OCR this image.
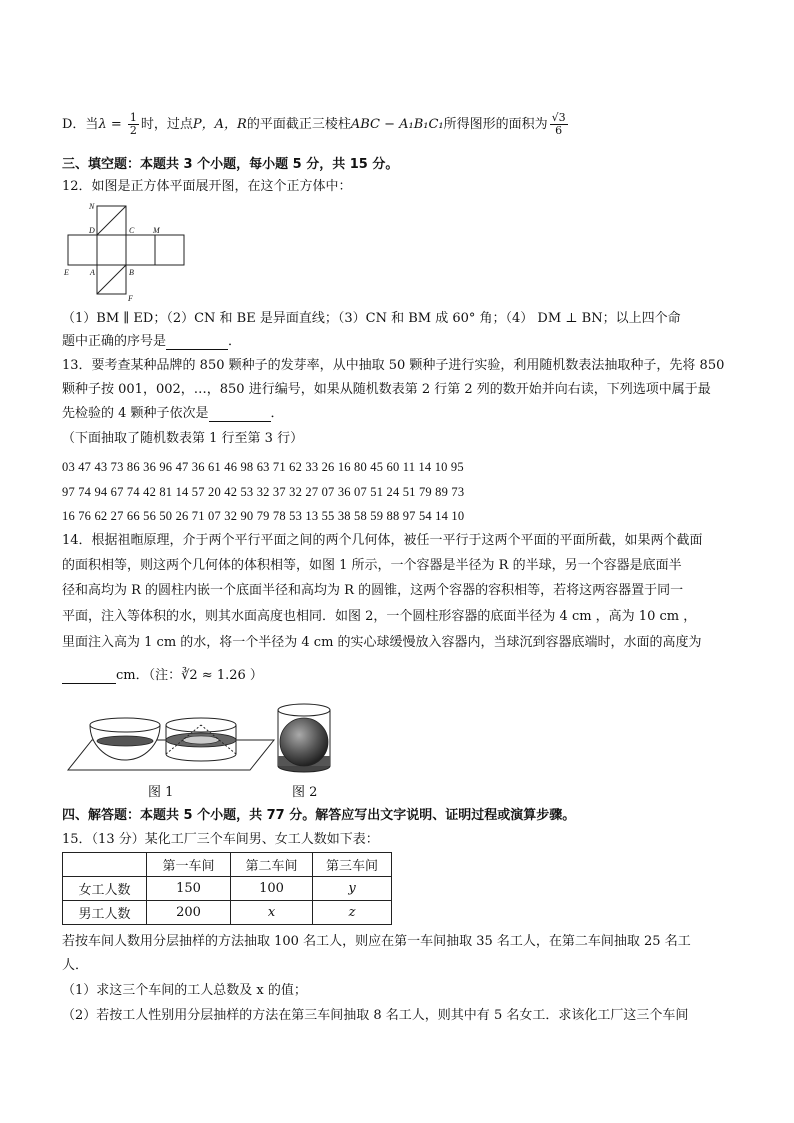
D．当$\lambda = \frac{1}{2}$ 时，过点P，A，R的平面截正三棱柱ABC − A₁B₁C₁所得图形的面积为 $\frac{√3}{6}$
三、填空题：本题共 3 个小题，每小题 5 分，共 15 分。
12．如图是正方体平面展开图，在这个正方体中：
N
D	C M
E	A	B
F
（1）BM ∥ ED；（2）CN 和 BE 是异面直线；（3）CN 和 BM 成 60° 角；（4） DM ⊥ BN；以上四个命
题中正确的序号是	．
13．要考查某种品牌的 850 颗种子的发芽率，从中抽取 50 颗种子进行实验，利用随机数表法抽取种子，先将 850
颗种子按 001，002，…，850 进行编号，如果从随机数表第 2 行第 2 列的数开始并向右读，下列选项中属于最
先检验的 4 颗种子依次是	．
（下面抽取了随机数表第 1 行至第 3 行）
03 47 43 73 86 36 96 47 36 61 46 98 63 71 62 33 26 16 80 45 60 11 14 10 95
97 74 94 67 74 42 81 14 57 20 42 53 32 37 32 27 07 36 07 51 24 51 79 89 73
16 76 62 27 66 56 50 26 71 07 32 90 79 78 53 13 55 38 58 59 88 97 54 14 10
14．根据祖暅原理，介于两个平行平面之间的两个几何体，被任一平行于这两个平面的平面所截，如果两个截面
的面积相等，则这两个几何体的体积相等，如图 1 所示，一个容器是半径为 R 的半球，另一个容器是底面半
径和高均为 R 的圆柱内嵌一个底面半径和高均为 R 的圆锥，这两个容器的容积相等，若将这两容器置于同一
平面，注入等体积的水，则其水面高度也相同．如图 2，一个圆柱形容器的底面半径为 4 cm ，高为 10 cm ，
里面注入高为 1 cm 的水，将一个半径为 4 cm 的实心球缓慢放入容器内，当球沉到容器底端时，水面的高度为
cm．（注：∛2 ≈ 1.26 ）
图 1	图 2
四、解答题：本题共 5 个小题，共 77 分。解答应写出文字说明、证明过程或演算步骤。
15．（13 分）某化工厂三个车间男、女工人数如下表：
	第一车间	第二车间	第三车间
女工人数	150	100	y
男工人数	200	x	z
若按车间人数用分层抽样的方法抽取 100 名工人，则应在第一车间抽取 35 名工人，在第二车间抽取 25 名工
人．
（1）求这三个车间的工人总数及 x 的值；
（2）若按工人性别用分层抽样的方法在第三车间抽取 8 名工人，则其中有 5 名女工．求该化工厂这三个车间
